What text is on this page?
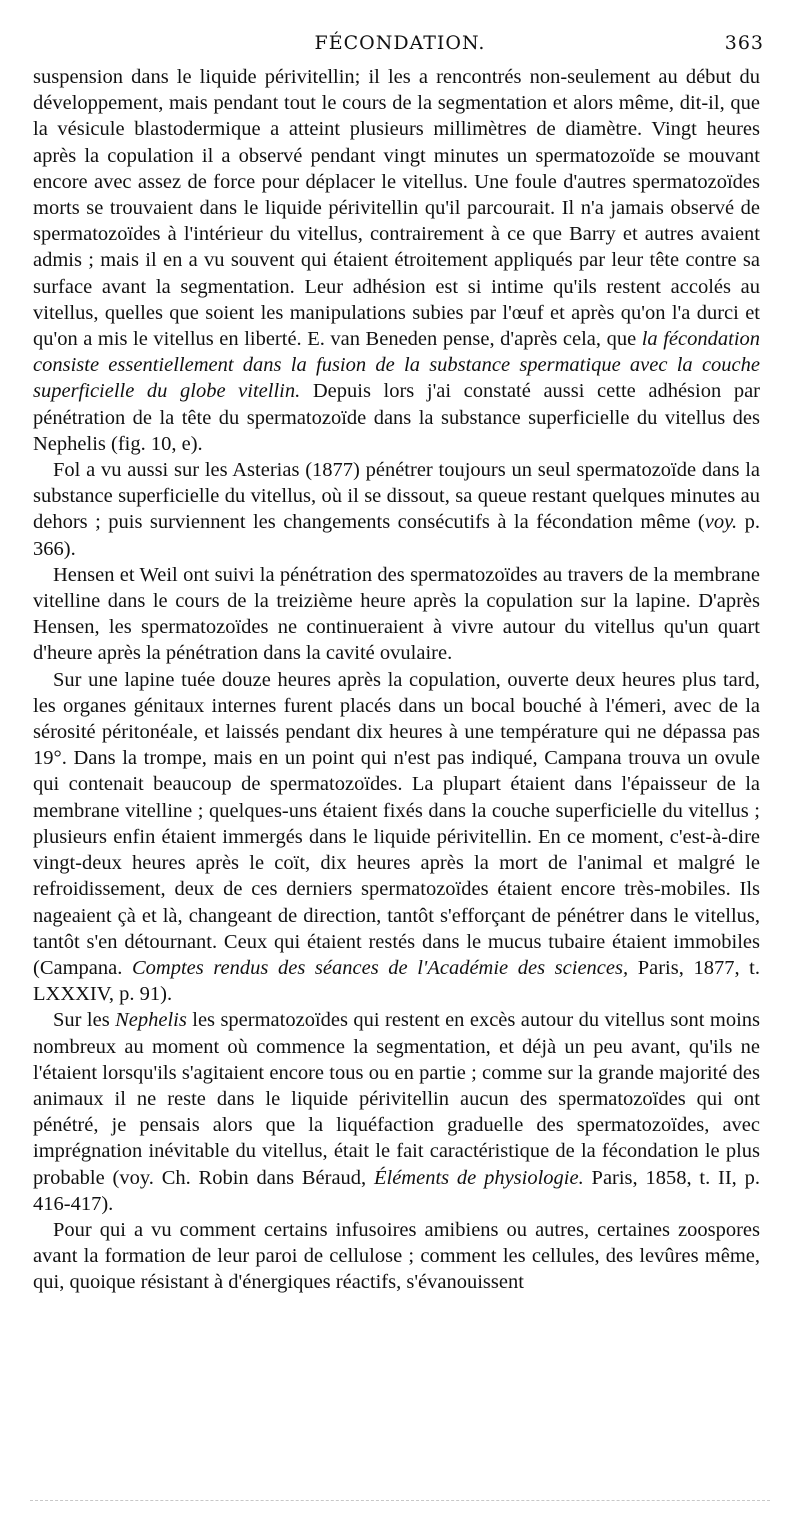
FÉCONDATION.	363

suspension dans le liquide périvitellin; il les a rencontrés non-seulement au début du développement, mais pendant tout le cours de la segmentation et alors même, dit-il, que la vésicule blastodermique a atteint plusieurs millimètres de diamètre. Vingt heures après la copulation il a observé pendant vingt minutes un spermatozoïde se mouvant encore avec assez de force pour déplacer le vitellus. Une foule d'autres spermatozoïdes morts se trouvaient dans le liquide périvitellin qu'il parcourait. Il n'a jamais observé de spermatozoïdes à l'intérieur du vitellus, contrairement à ce que Barry et autres avaient admis ; mais il en a vu souvent qui étaient étroitement appliqués par leur tête contre sa surface avant la segmentation. Leur adhésion est si intime qu'ils restent accolés au vitellus, quelles que soient les manipulations subies par l'œuf et après qu'on l'a durci et qu'on a mis le vitellus en liberté. E. van Beneden pense, d'après cela, que la fécondation consiste essentiellement dans la fusion de la substance spermatique avec la couche superficielle du globe vitellin. Depuis lors j'ai constaté aussi cette adhésion par pénétration de la tête du spermatozoïde dans la substance superficielle du vitellus des Nephelis (fig. 10, e).

Fol a vu aussi sur les Asterias (1877) pénétrer toujours un seul spermatozoïde dans la substance superficielle du vitellus, où il se dissout, sa queue restant quelques minutes au dehors ; puis surviennent les changements consécutifs à la fécondation même (voy. p. 366).

Hensen et Weil ont suivi la pénétration des spermatozoïdes au travers de la membrane vitelline dans le cours de la treizième heure après la copulation sur la lapine. D'après Hensen, les spermatozoïdes ne continueraient à vivre autour du vitellus qu'un quart d'heure après la pénétration dans la cavité ovulaire.

Sur une lapine tuée douze heures après la copulation, ouverte deux heures plus tard, les organes génitaux internes furent placés dans un bocal bouché à l'émeri, avec de la sérosité péritonéale, et laissés pendant dix heures à une température qui ne dépassa pas 19°. Dans la trompe, mais en un point qui n'est pas indiqué, Campana trouva un ovule qui contenait beaucoup de spermatozoïdes. La plupart étaient dans l'épaisseur de la membrane vitelline ; quelques-uns étaient fixés dans la couche superficielle du vitellus ; plusieurs enfin étaient immergés dans le liquide périvitellin. En ce moment, c'est-à-dire vingt-deux heures après le coït, dix heures après la mort de l'animal et malgré le refroidissement, deux de ces derniers spermatozoïdes étaient encore très-mobiles. Ils nageaient çà et là, changeant de direction, tantôt s'efforçant de pénétrer dans le vitellus, tantôt s'en détournant. Ceux qui étaient restés dans le mucus tubaire étaient immobiles (Campana. Comptes rendus des séances de l'Académie des sciences, Paris, 1877, t. LXXXIV, p. 91).

Sur les Nephelis les spermatozoïdes qui restent en excès autour du vitellus sont moins nombreux au moment où commence la segmentation, et déjà un peu avant, qu'ils ne l'étaient lorsqu'ils s'agitaient encore tous ou en partie ; comme sur la grande majorité des animaux il ne reste dans le liquide périvitellin aucun des spermatozoïdes qui ont pénétré, je pensais alors que la liquéfaction graduelle des spermatozoïdes, avec imprégnation inévitable du vitellus, était le fait caractéristique de la fécondation le plus probable (voy. Ch. Robin dans Béraud, Éléments de physiologie. Paris, 1858, t. II, p. 416-417).

Pour qui a vu comment certains infusoires amibiens ou autres, certaines zoospores avant la formation de leur paroi de cellulose ; comment les cellules, des levûres même, qui, quoique résistant à d'énergiques réactifs, s'évanouissent
